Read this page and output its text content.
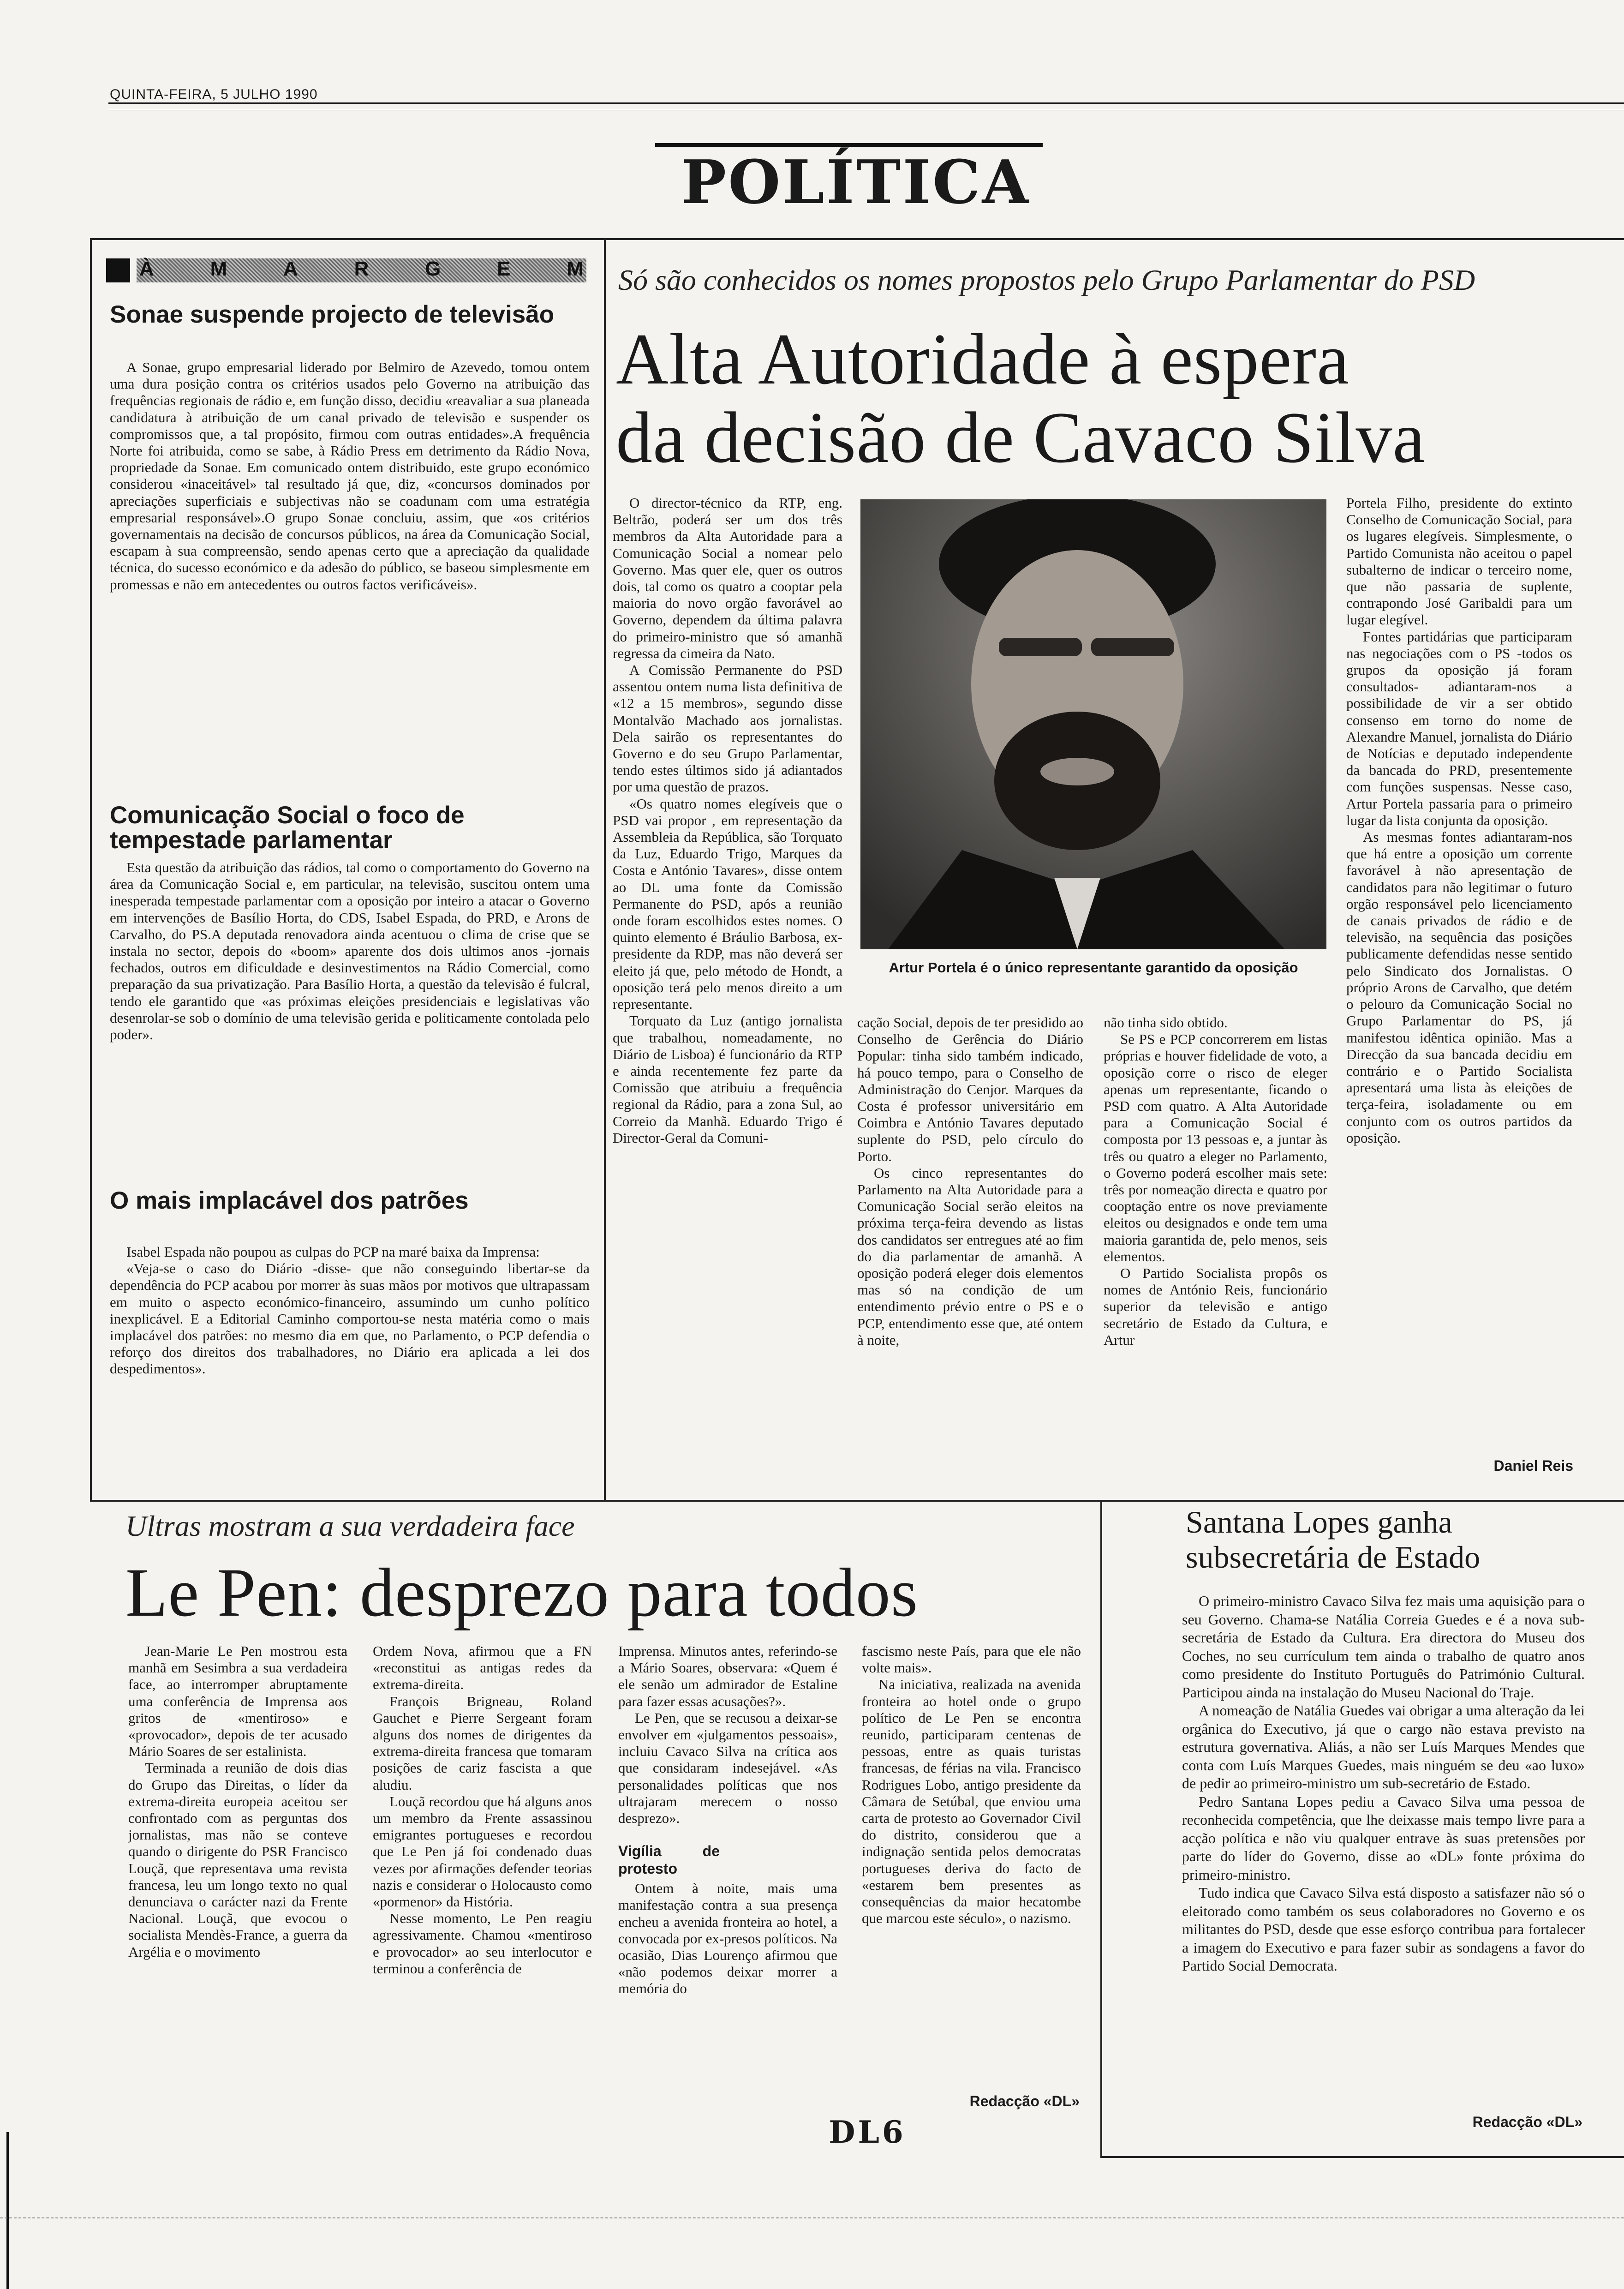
QUINTA-FEIRA, 5 JULHO 1990
POLÍTICA
À	M	A	R	G	E	M
Sonae suspende projecto de televisão

A Sonae, grupo empresarial liderado por Belmiro de Azevedo, tomou ontem uma dura posição contra os critérios usados pelo Governo na atribuição das frequências regionais de rádio e, em função disso, decidiu «reavaliar a sua planeada candidatura à atribuição de um canal privado de televisão e suspender os compromissos que, a tal propósito, firmou com outras entidades».A frequência Norte foi atribuida, como se sabe, à Rádio Press em detrimento da Rádio Nova, propriedade da Sonae. Em comunicado ontem distribuido, este grupo económico considerou «inaceitável» tal resultado já que, diz, «concursos dominados por apreciações superficiais e subjectivas não se coadunam com uma estratégia empresarial responsável».O grupo Sonae concluiu, assim, que «os critérios governamentais na decisão de concursos públicos, na área da Comunicação Social, escapam à sua compreensão, sendo apenas certo que a apreciação da qualidade técnica, do sucesso económico e da adesão do público, se baseou simplesmente em promessas e não em antecedentes ou outros factos verificáveis».

Comunicação Social o foco de tempestade parlamentar

Esta questão da atribuição das rádios, tal como o comportamento do Governo na área da Comunicação Social e, em particular, na televisão, suscitou ontem uma inesperada tempestade parlamentar com a oposição por inteiro a atacar o Governo em intervenções de Basílio Horta, do CDS, Isabel Espada, do PRD, e Arons de Carvalho, do PS.A deputada renovadora ainda acentuou o clima de crise que se instala no sector, depois do «boom» aparente dos dois ultimos anos -jornais fechados, outros em dificuldade e desinvestimentos na Rádio Comercial, como preparação da sua privatização. Para Basílio Horta, a questão da televisão é fulcral, tendo ele garantido que «as próximas eleições presidenciais e legislativas vão desenrolar-se sob o domínio de uma televisão gerida e politicamente contolada pelo poder».

O mais implacável dos patrões

Isabel Espada não poupou as culpas do PCP na maré baixa da Imprensa:

«Veja-se o caso do Diário -disse- que não conseguindo libertar-se da dependência do PCP acabou por morrer às suas mãos por motivos que ultrapassam em muito o aspecto económico-financeiro, assumindo um cunho político inexplicável. E a Editorial Caminho comportou-se nesta matéria como o mais implacável dos patrões: no mesmo dia em que, no Parlamento, o PCP defendia o reforço dos direitos dos trabalhadores, no Diário era aplicada a lei dos despedimentos».

Só são conhecidos os nomes propostos pelo Grupo Parlamentar do PSD
Alta Autoridade à espera
da decisão de Cavaco Silva

O director-técnico da RTP, eng. Beltrão, poderá ser um dos três membros da Alta Autoridade para a Comunicação Social a nomear pelo Governo. Mas quer ele, quer os outros dois, tal como os quatro a cooptar pela maioria do novo orgão favorável ao Governo, dependem da última palavra do primeiro-ministro que só amanhã regressa da cimeira da Nato.

A Comissão Permanente do PSD assentou ontem numa lista definitiva de «12 a 15 membros», segundo disse Montalvão Machado aos jornalistas. Dela sairão os representantes do Governo e do seu Grupo Parlamentar, tendo estes últimos sido já adiantados por uma questão de prazos.

«Os quatro nomes elegíveis que o PSD vai propor , em representação da Assembleia da República, são Torquato da Luz, Eduardo Trigo, Marques da Costa e António Tavares», disse ontem ao DL uma fonte da Comissão Permanente do PSD, após a reunião onde foram escolhidos estes nomes. O quinto elemento é Bráulio Barbosa, ex-presidente da RDP, mas não deverá ser eleito já que, pelo método de Hondt, a oposição terá pelo menos direito a um representante.

Torquato da Luz (antigo jornalista que trabalhou, nomeadamente, no Diário de Lisboa) é funcionário da RTP e ainda recentemente fez parte da Comissão que atribuiu a frequência regional da Rádio, para a zona Sul, ao Correio da Manhã. Eduardo Trigo é Director-Geral da Comuni-

Artur Portela é o único representante garantido da oposição

cação Social, depois de ter presidido ao Conselho de Gerência do Diário Popular: tinha sido também indicado, há pouco tempo, para o Conselho de Administração do Cenjor. Marques da Costa é professor universitário em Coimbra e António Tavares deputado suplente do PSD, pelo círculo do Porto.

Os cinco representantes do Parlamento na Alta Autoridade para a Comunicação Social serão eleitos na próxima terça-feira devendo as listas dos candidatos ser entregues até ao fim do dia parlamentar de amanhã. A oposição poderá eleger dois elementos mas só na condição de um entendimento prévio entre o PS e o PCP, entendimento esse que, até ontem à noite,

não tinha sido obtido.

Se PS e PCP concorrerem em listas próprias e houver fidelidade de voto, a oposição corre o risco de eleger apenas um representante, ficando o PSD com quatro. A Alta Autoridade para a Comunicação Social é composta por 13 pessoas e, a juntar às três ou quatro a eleger no Parlamento, o Governo poderá escolher mais sete: três por nomeação directa e quatro por cooptação entre os nove previamente eleitos ou designados e onde tem uma maioria garantida de, pelo menos, seis elementos.

O Partido Socialista propôs os nomes de António Reis, funcionário superior da televisão e antigo secretário de Estado da Cultura, e Artur

Portela Filho, presidente do extinto Conselho de Comunicação Social, para os lugares elegíveis. Simplesmente, o Partido Comunista não aceitou o papel subalterno de indicar o terceiro nome, que não passaria de suplente, contrapondo José Garibaldi para um lugar elegível.

Fontes partidárias que participaram nas negociações com o PS -todos os grupos da oposição já foram consultados- adiantaram-nos a possibilidade de vir a ser obtido consenso em torno do nome de Alexandre Manuel, jornalista do Diário de Notícias e deputado independente da bancada do PRD, presentemente com funções suspensas. Nesse caso, Artur Portela passaria para o primeiro lugar da lista conjunta da oposição.

As mesmas fontes adiantaram-nos que há entre a oposição um corrente favorável à não apresentação de candidatos para não legitimar o futuro orgão responsável pelo licenciamento de canais privados de rádio e de televisão, na sequência das posições publicamente defendidas nesse sentido pelo Sindicato dos Jornalistas. O próprio Arons de Carvalho, que detém o pelouro da Comunicação Social no Grupo Parlamentar do PS, já manifestou idêntica opinião. Mas a Direcção da sua bancada decidiu em contrário e o Partido Socialista apresentará uma lista às eleições de terça-feira, isoladamente ou em conjunto com os outros partidos da oposição.

Daniel Reis
Ultras mostram a sua verdadeira face
Le Pen: desprezo para todos

Jean-Marie Le Pen mostrou esta manhã em Sesimbra a sua verdadeira face, ao interromper abruptamente uma conferência de Imprensa aos gritos de «mentiroso» e «provocador», depois de ter acusado Mário Soares de ser estalinista.

Terminada a reunião de dois dias do Grupo das Direitas, o líder da extrema-direita europeia aceitou ser confrontado com as perguntas dos jornalistas, mas não se conteve quando o dirigente do PSR Francisco Louçã, que representava uma revista francesa, leu um longo texto no qual denunciava o carácter nazi da Frente Nacional. Louçã, que evocou o socialista Mendès-France, a guerra da Argélia e o movimento

Ordem Nova, afirmou que a FN «reconstitui as antigas redes da extrema-direita.

François Brigneau, Roland Gauchet e Pierre Sergeant foram alguns dos nomes de dirigentes da extrema-direita francesa que tomaram posições de cariz fascista a que aludiu.

Louçã recordou que há alguns anos um membro da Frente assassinou emigrantes portugueses e recordou que Le Pen já foi condenado duas vezes por afirmações defender teorias nazis e considerar o Holocausto como «pormenor» da História.

Nesse momento, Le Pen reagiu agressivamente. Chamou «mentiroso e provocador» ao seu interlocutor e terminou a conferência de

Imprensa. Minutos antes, referindo-se a Mário Soares, observara: «Quem é ele senão um admirador de Estaline para fazer essas acusações?».

Le Pen, que se recusou a deixar-se envolver em «julgamentos pessoais», incluiu Cavaco Silva na crítica aos que considaram indesejável. «As personalidades políticas que nos ultrajaram merecem o nosso desprezo».

Vigília de protesto

Ontem à noite, mais uma manifestação contra a sua presença encheu a avenida fronteira ao hotel, a convocada por ex-presos políticos. Na ocasião, Dias Lourenço afirmou que «não podemos deixar morrer a memória do

fascismo neste País, para que ele não volte mais».

Na iniciativa, realizada na avenida fronteira ao hotel onde o grupo político de Le Pen se encontra reunido, participaram centenas de pessoas, entre as quais turistas francesas, de férias na vila. Francisco Rodrigues Lobo, antigo presidente da Câmara de Setúbal, que enviou uma carta de protesto ao Governador Civil do distrito, considerou que a indignação sentida pelos democratas portugueses deriva do facto de «estarem bem presentes as consequências da maior hecatombe que marcou este século», o nazismo.

Redacção «DL»
Santana Lopes ganha
subsecretária de Estado

O primeiro-ministro Cavaco Silva fez mais uma aquisição para o seu Governo. Chama-se Natália Correia Guedes e é a nova sub-secretária de Estado da Cultura. Era directora do Museu dos Coches, no seu currículum tem ainda o trabalho de quatro anos como presidente do Instituto Português do Património Cultural. Participou ainda na instalação do Museu Nacional do Traje.

A nomeação de Natália Guedes vai obrigar a uma alteração da lei orgânica do Executivo, já que o cargo não estava previsto na estrutura governativa. Aliás, a não ser Luís Marques Mendes que conta com Luís Marques Guedes, mais ninguém se deu «ao luxo» de pedir ao primeiro-ministro um sub-secretário de Estado.

Pedro Santana Lopes pediu a Cavaco Silva uma pessoa de reconhecida competência, que lhe deixasse mais tempo livre para a acção política e não viu qualquer entrave às suas pretensões por parte do líder do Governo, disse ao «DL» fonte próxima do primeiro-ministro.

Tudo indica que Cavaco Silva está disposto a satisfazer não só o eleitorado como também os seus colaboradores no Governo e os militantes do PSD, desde que esse esforço contribua para fortalecer a imagem do Executivo e para fazer subir as sondagens a favor do Partido Social Democrata.

Redacção «DL»
DL6
